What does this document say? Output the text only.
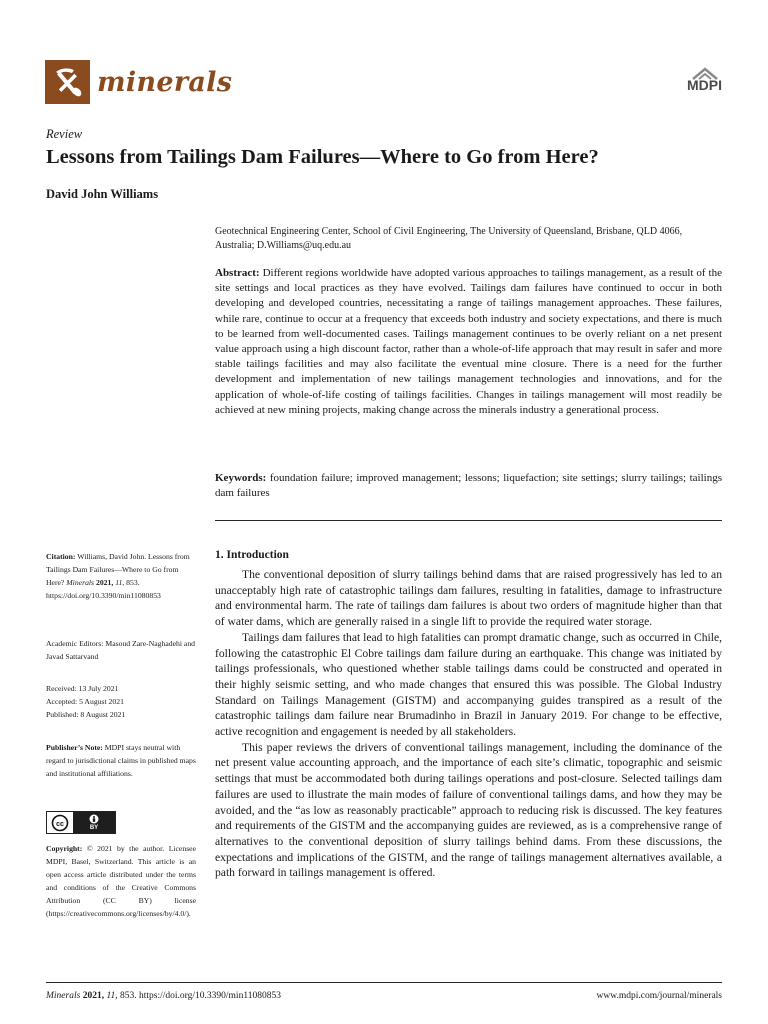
minerals	MDPI
Review
Lessons from Tailings Dam Failures—Where to Go from Here?
David John Williams
Geotechnical Engineering Center, School of Civil Engineering, The University of Queensland, Brisbane, QLD 4066, Australia; D.Williams@uq.edu.au
Abstract: Different regions worldwide have adopted various approaches to tailings management, as a result of the site settings and local practices as they have evolved. Tailings dam failures have continued to occur in both developing and developed countries, necessitating a range of tailings management approaches. These failures, while rare, continue to occur at a frequency that exceeds both industry and society expectations, and there is much to be learned from well-documented cases. Tailings management continues to be overly reliant on a net present value approach using a high discount factor, rather than a whole-of-life approach that may result in safer and more stable tailings facilities and may also facilitate the eventual mine closure. There is a need for the further development and implementation of new tailings management technologies and innovations, and for the application of whole-of-life costing of tailings facilities. Changes in tailings management will most readily be achieved at new mining projects, making change across the minerals industry a generational process.
Keywords: foundation failure; improved management; lessons; liquefaction; site settings; slurry tailings; tailings dam failures
Citation: Williams, David John. Lessons from Tailings Dam Failures—Where to Go from Here? Minerals 2021, 11, 853. https://doi.org/10.3390/min11080853
Academic Editors: Masoud Zare-Naghadehi and Javad Sattarvand
Received: 13 July 2021
Accepted: 5 August 2021
Published: 8 August 2021
Publisher’s Note: MDPI stays neutral with regard to jurisdictional claims in published maps and institutional affiliations.
cc
BY
Copyright: © 2021 by the author. Licensee MDPI, Basel, Switzerland. This article is an open access article distributed under the terms and conditions of the Creative Commons Attribution (CC BY) license (https://creativecommons.org/licenses/by/4.0/).
1. Introduction

The conventional deposition of slurry tailings behind dams that are raised progressively has led to an unacceptably high rate of catastrophic tailings dam failures, resulting in fatalities, damage to infrastructure and environmental harm. The rate of tailings dam failures is about two orders of magnitude higher than that of water dams, which are generally raised in a single lift to provide the required water storage.

Tailings dam failures that lead to high fatalities can prompt dramatic change, such as occurred in Chile, following the catastrophic El Cobre tailings dam failure during an earthquake. This change was initiated by tailings professionals, who questioned whether stable tailings dams could be constructed and operated in their highly seismic setting, and who made changes that ensured this was possible. The Global Industry Standard on Tailings Management (GISTM) and accompanying guides transpired as a result of the catastrophic tailings dam failure near Brumadinho in Brazil in January 2019. For change to be effective, active recognition and engagement is needed by all stakeholders.

This paper reviews the drivers of conventional tailings management, including the dominance of the net present value accounting approach, and the importance of each site’s climatic, topographic and seismic settings that must be accommodated both during tailings operations and post-closure. Selected tailings dam failures are used to illustrate the main modes of failure of conventional tailings dams, and how they may be avoided, and the “as low as reasonably practicable” approach to reducing risk is discussed. The key features and requirements of the GISTM and the accompanying guides are reviewed, as is a comprehensive range of alternatives to the conventional deposition of slurry tailings behind dams. From these discussions, the expectations and implications of the GISTM, and the range of tailings management alternatives available, a path forward in tailings management is offered.

Minerals 2021, 11, 853. https://doi.org/10.3390/min11080853	www.mdpi.com/journal/minerals
